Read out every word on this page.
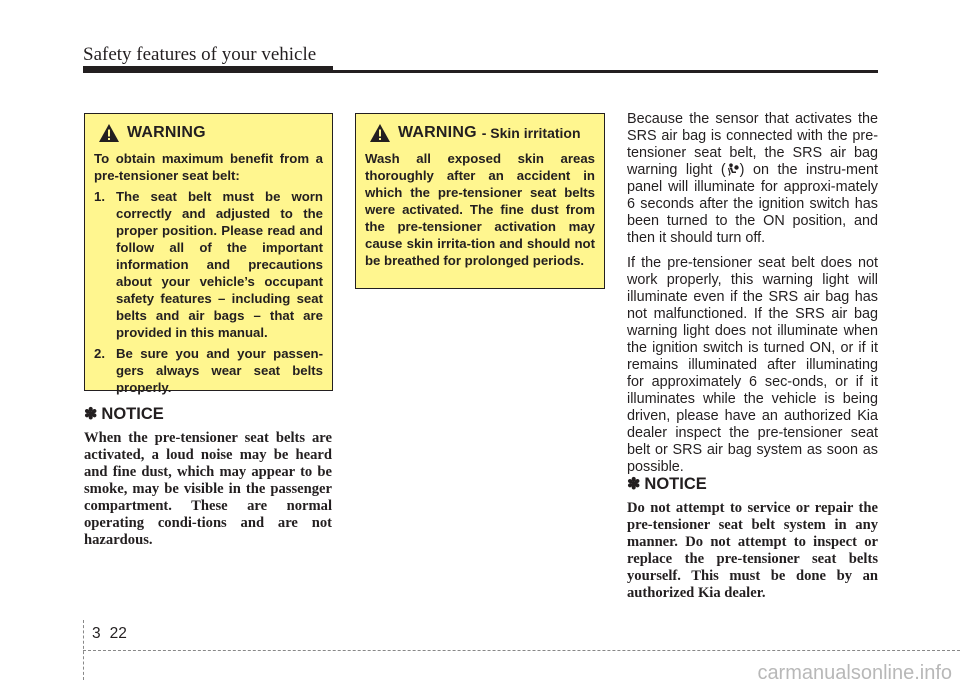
Safety features of your vehicle
WARNING
To obtain maximum benefit from a pre-tensioner seat belt:
1. The seat belt must be worn correctly and adjusted to the proper position. Please read and follow all of the important information and precautions about your vehicle’s occupant safety features – including seat belts and air bags – that are provided in this manual.
2. Be sure you and your passen-gers always wear seat belts properly.
WARNING - Skin irritation
Wash all exposed skin areas thoroughly after an accident in which the pre-tensioner seat belts were activated. The fine dust from the pre-tensioner activation may cause skin irrita-tion and should not be breathed for prolonged periods.
✽ NOTICE
When the pre-tensioner seat belts are activated, a loud noise may be heard and fine dust, which may appear to be smoke, may be visible in the passenger compartment. These are normal operating condi-tions and are not hazardous.

Because the sensor that activates the SRS air bag is connected with the pre-tensioner seat belt, the SRS air bag warning light ( ) on the instru-ment panel will illuminate for approxi-mately 6 seconds after the ignition switch has been turned to the ON position, and then it should turn off.

If the pre-tensioner seat belt does not work properly, this warning light will illuminate even if the SRS air bag has not malfunctioned. If the SRS air bag warning light does not illuminate when the ignition switch is turned ON, or if it remains illuminated after illuminating for approximately 6 sec-onds, or if it illuminates while the vehicle is being driven, please have an authorized Kia dealer inspect the pre-tensioner seat belt or SRS air bag system as soon as possible.

✽ NOTICE
Do not attempt to service or repair the pre-tensioner seat belt system in any manner. Do not attempt to inspect or replace the pre-tensioner seat belts yourself. This must be done by an authorized Kia dealer.
3 22
carmanualsonline.info
